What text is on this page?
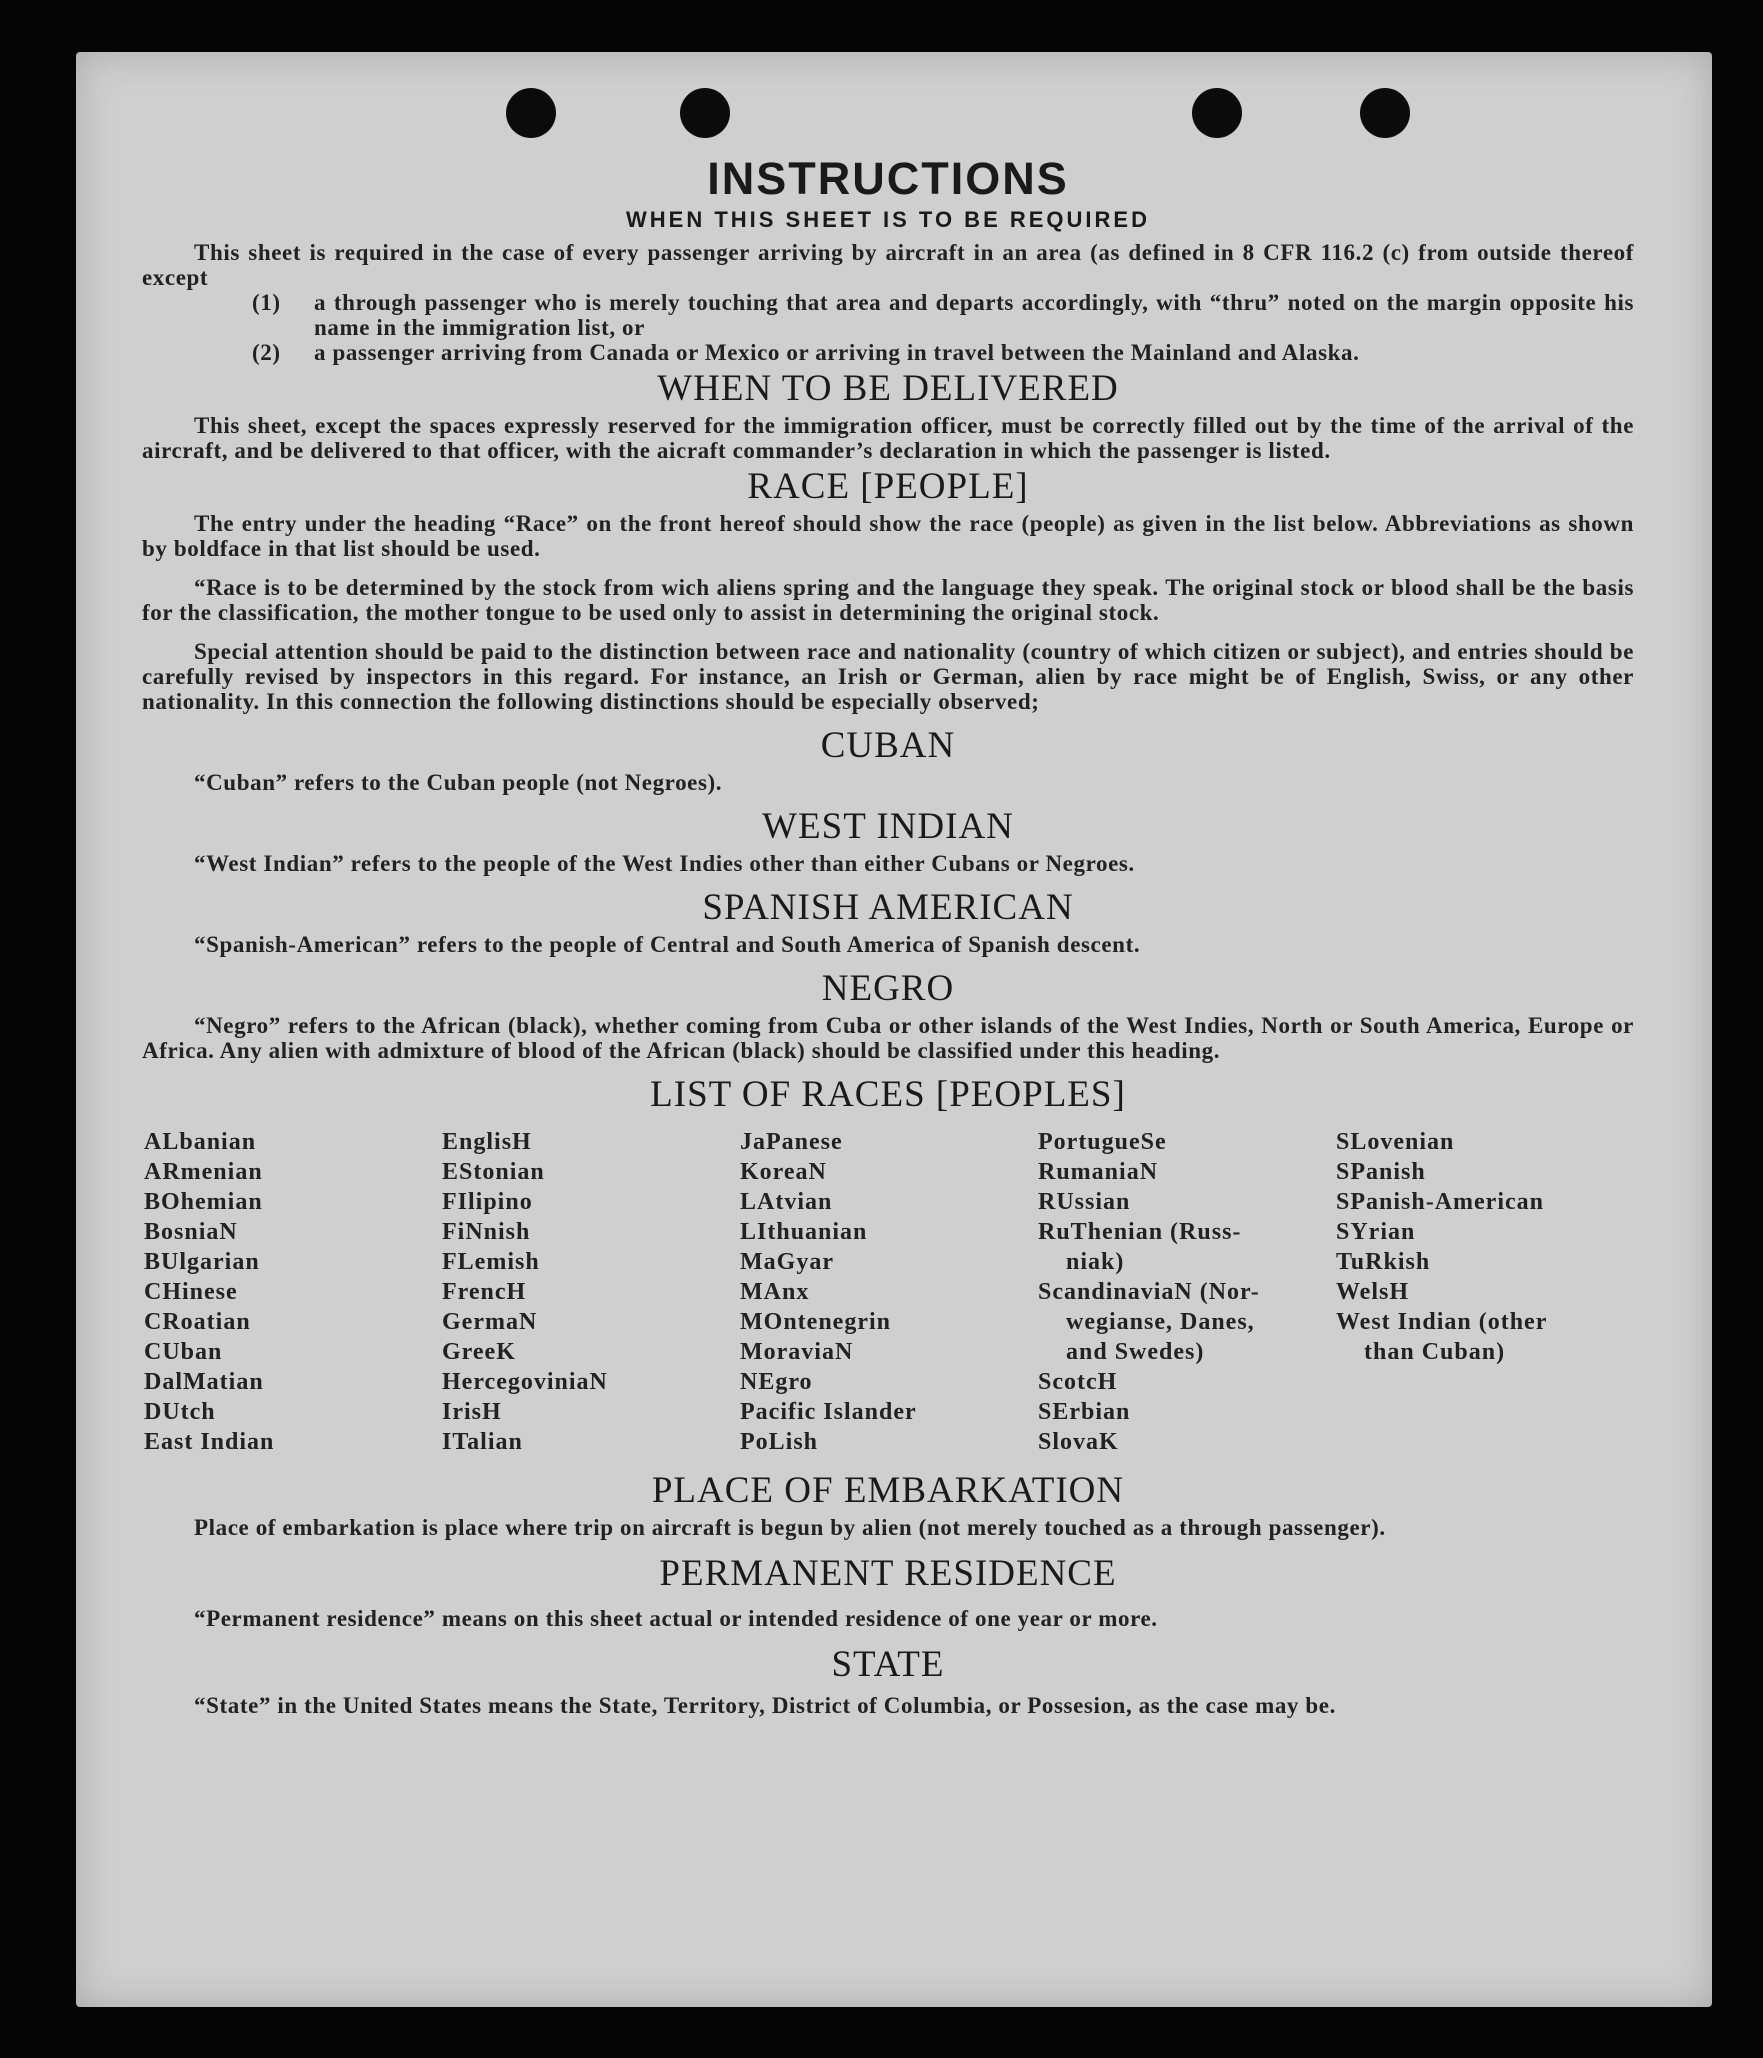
INSTRUCTIONS
WHEN THIS SHEET IS TO BE REQUIRED

This sheet is required in the case of every passenger arriving by aircraft in an area (as defined in 8 CFR 116.2 (c) from outside thereof except

(1)	a through passenger who is merely touching that area and departs accordingly, with “thru” noted on the margin opposite his name in the immigration list, or
(2)	a passenger arriving from Canada or Mexico or arriving in travel between the Mainland and Alaska.
WHEN TO BE DELIVERED

This sheet, except the spaces expressly reserved for the immigration officer, must be correctly filled out by the time of the arrival of the aircraft, and be delivered to that officer, with the aicraft commander’s declaration in which the passenger is listed.

RACE [PEOPLE]

The entry under the heading “Race” on the front hereof should show the race (people) as given in the list below. Abbreviations as shown by boldface in that list should be used.

“Race is to be determined by the stock from wich aliens spring and the language they speak. The original stock or blood shall be the basis for the classification, the mother tongue to be used only to assist in determining the original stock.

Special attention should be paid to the distinction between race and nationality (country of which citizen or subject), and entries should be carefully revised by inspectors in this regard. For instance, an Irish or German, alien by race might be of English, Swiss, or any other nationality. In this connection the following distinctions should be especially observed;

CUBAN

“Cuban” refers to the Cuban people (not Negroes).

WEST INDIAN

“West Indian” refers to the people of the West Indies other than either Cubans or Negroes.

SPANISH AMERICAN

“Spanish-American” refers to the people of Central and South America of Spanish descent.

NEGRO

“Negro” refers to the African (black), whether coming from Cuba or other islands of the West Indies, North or South America, Europe or Africa. Any alien with admixture of blood of the African (black) should be classified under this heading.

LIST OF RACES [PEOPLES]
ALbanian
ARmenian
BOhemian
BosniaN
BUlgarian
CHinese
CRoatian
CUban
DalMatian
DUtch
East Indian
EnglisH
EStonian
FIlipino
FiNnish
FLemish
FrencH
GermaN
GreeK
HercegoviniaN
IrisH
ITalian
JaPanese
KoreaN
LAtvian
LIthuanian
MaGyar
MAnx
MOntenegrin
MoraviaN
NEgro
Pacific Islander
PoLish
PortugueSe
RumaniaN
RUssian
RuThenian (Russ-
niak)
ScandinaviaN (Nor-
wegianse, Danes,
and Swedes)
ScotcH
SErbian
SlovaK
SLovenian
SPanish
SPanish-American
SYrian
TuRkish
WelsH
West Indian (other
than Cuban)
PLACE OF EMBARKATION

Place of embarkation is place where trip on aircraft is begun by alien (not merely touched as a through passenger).

PERMANENT RESIDENCE

“Permanent residence” means on this sheet actual or intended residence of one year or more.

STATE

“State” in the United States means the State, Territory, District of Columbia, or Possesion, as the case may be.
